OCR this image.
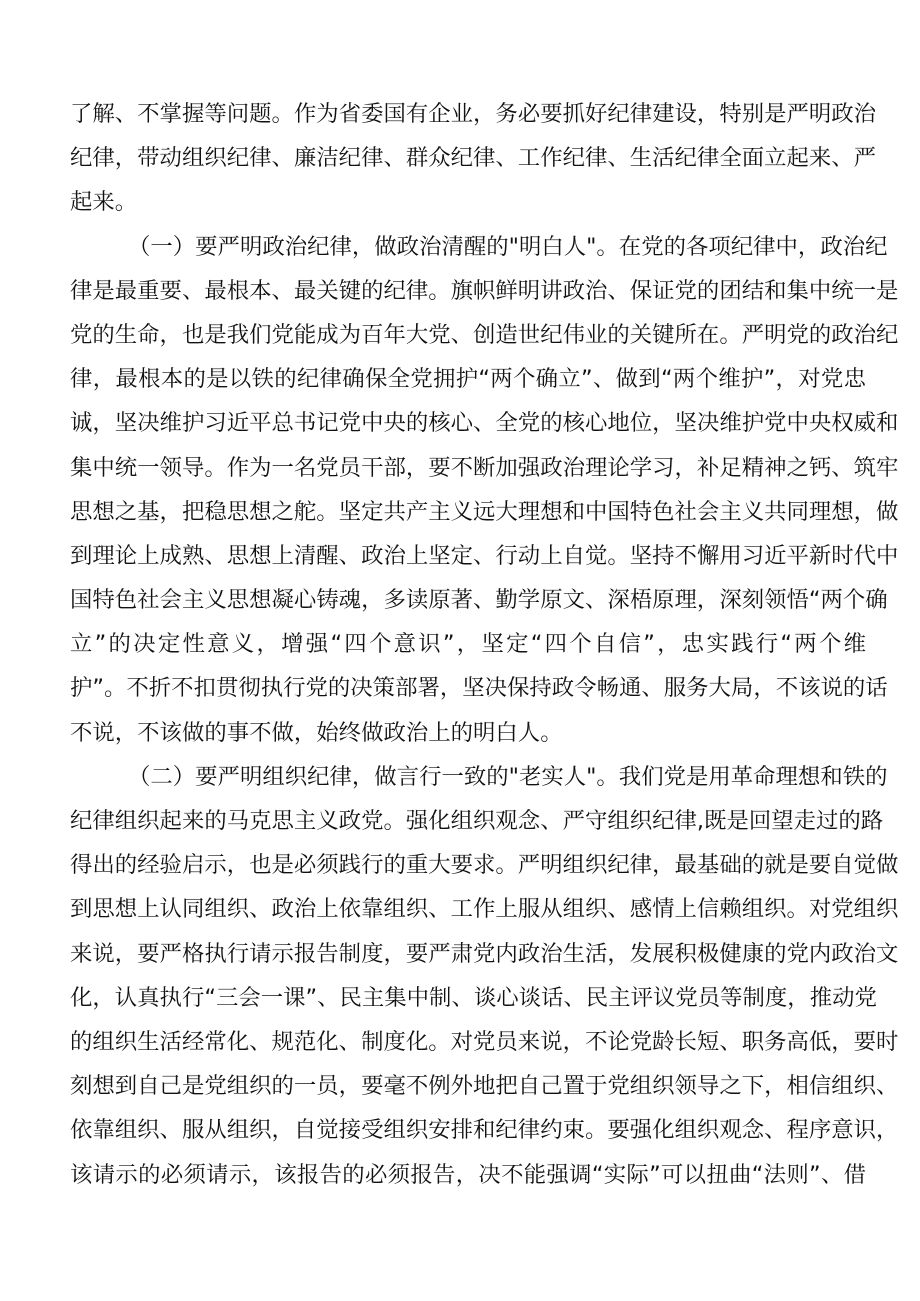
了解、不掌握等问题。作为省委国有企业，务必要抓好纪律建设，特别是严明政治
纪律，带动组织纪律、廉洁纪律、群众纪律、工作纪律、生活纪律全面立起来、严
起来。
（一）要严明政治纪律，做政治清醒的"明白人"。在党的各项纪律中，政治纪
律是最重要、最根本、最关键的纪律。旗帜鲜明讲政治、保证党的团结和集中统一是
党的生命，也是我们党能成为百年大党、创造世纪伟业的关键所在。严明党的政治纪
律，最根本的是以铁的纪律确保全党拥护“两个确立”、做到“两个维护”，对党忠
诚，坚决维护习近平总书记党中央的核心、全党的核心地位，坚决维护党中央权威和
集中统一领导。作为一名党员干部，要不断加强政治理论学习，补足精神之钙、筑牢
思想之基，把稳思想之舵。坚定共产主义远大理想和中国特色社会主义共同理想，做
到理论上成熟、思想上清醒、政治上坚定、行动上自觉。坚持不懈用习近平新时代中
国特色社会主义思想凝心铸魂，多读原著、勤学原文、深梧原理，深刻领悟“两个确
立”的决定性意义，增强“四个意识”，坚定“四个自信”，忠实践行“两个维
护”。不折不扣贯彻执行党的决策部署，坚决保持政令畅通、服务大局，不该说的话
不说，不该做的事不做，始终做政治上的明白人。
（二）要严明组织纪律，做言行一致的"老实人"。我们党是用革命理想和铁的
纪律组织起来的马克思主义政党。强化组织观念、严守组织纪律,既是回望走过的路
得出的经验启示，也是必须践行的重大要求。严明组织纪律，最基础的就是要自觉做
到思想上认同组织、政治上依靠组织、工作上服从组织、感情上信赖组织。对党组织
来说，要严格执行请示报告制度，要严肃党内政治生活，发展积极健康的党内政治文
化，认真执行“三会一课”、民主集中制、谈心谈话、民主评议党员等制度，推动党
的组织生活经常化、规范化、制度化。对党员来说，不论党龄长短、职务高低，要时
刻想到自己是党组织的一员，要毫不例外地把自己置于党组织领导之下，相信组织、
依靠组织、服从组织，自觉接受组织安排和纪律约束。要强化组织观念、程序意识，
该请示的必须请示，该报告的必须报告，决不能强调“实际”可以扭曲“法则”、借
